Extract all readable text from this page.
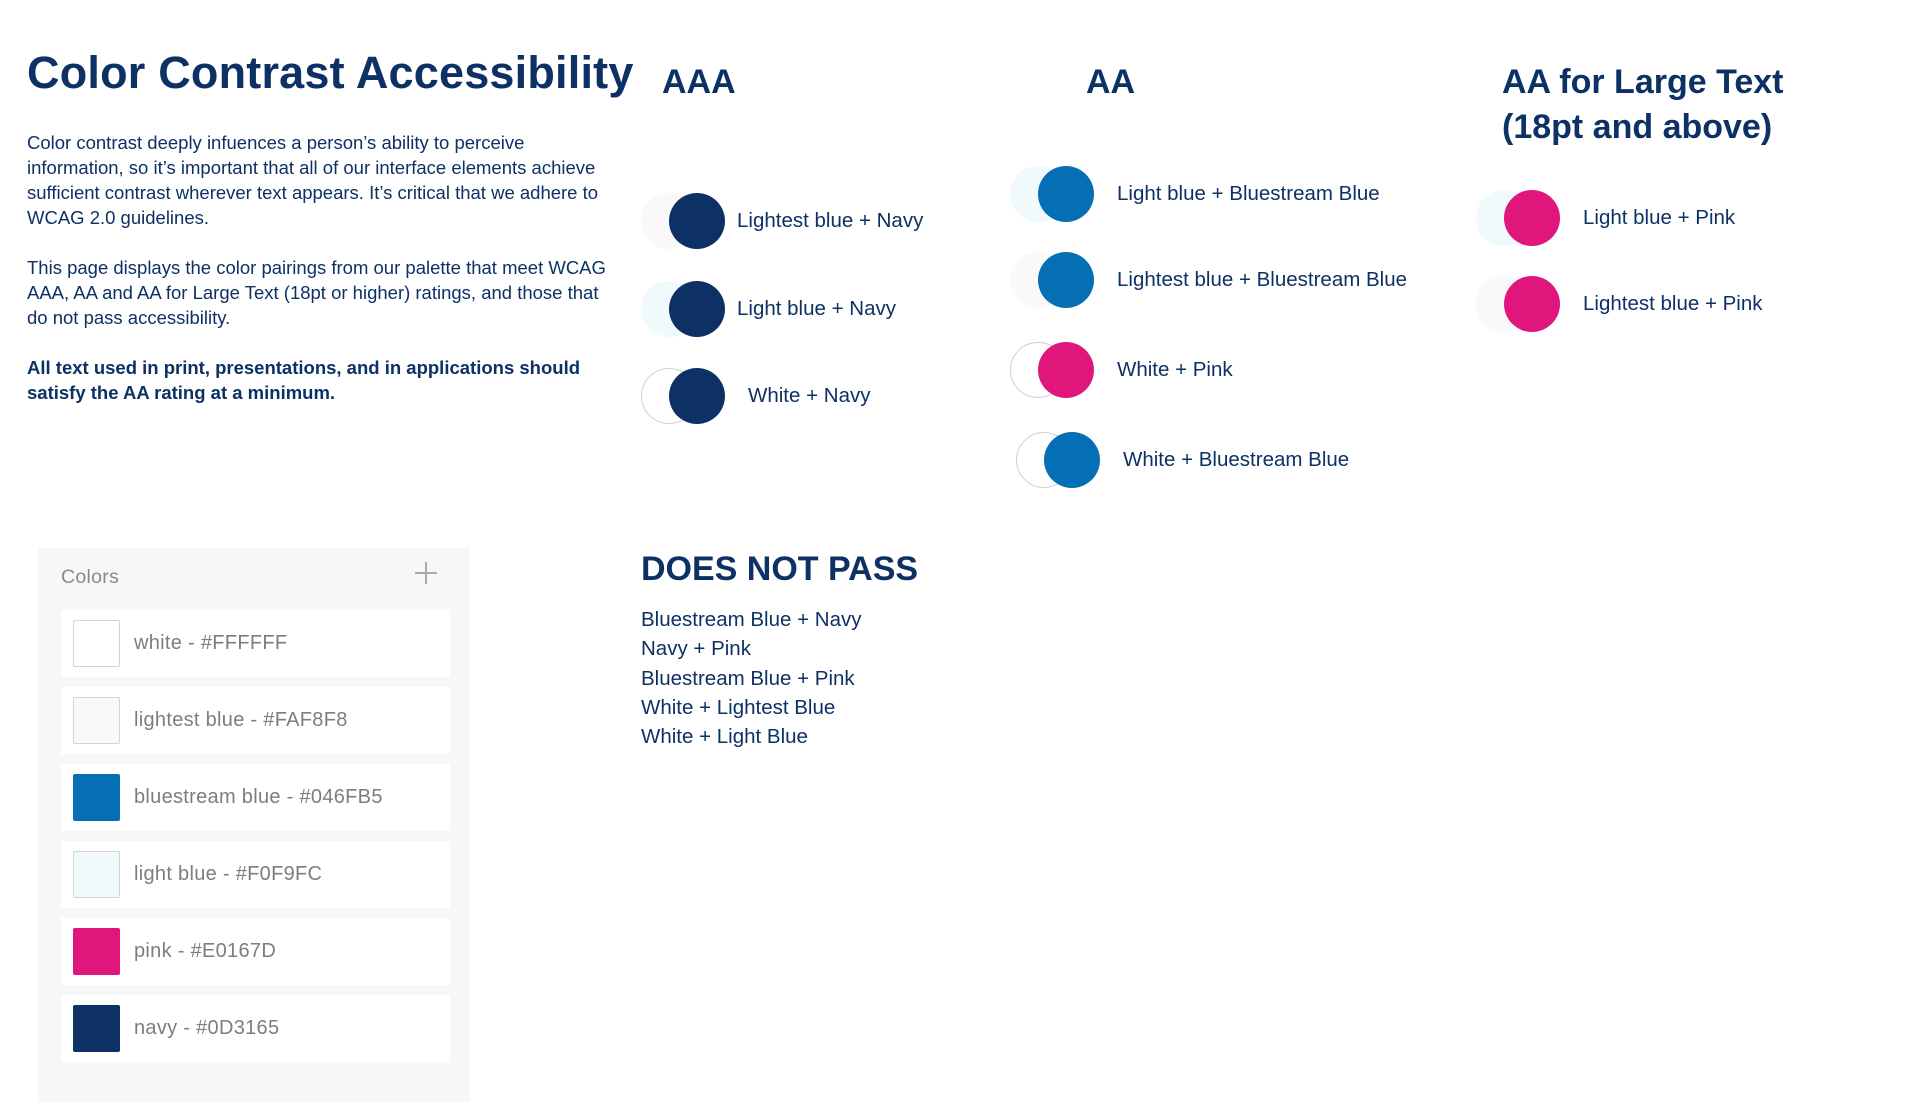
Color Contrast Accessibility

Color contrast deeply infuences a person’s ability to perceive information, so it’s important that all of our interface elements achieve sufficient contrast wherever text appears. It’s critical that we adhere to WCAG 2.0 guidelines.

This page displays the color pairings from our palette that meet WCAG AAA, AA and AA for Large Text (18pt or higher) ratings, and those that do not pass accessibility.

All text used in print, presentations, and in applications should satisfy the AA rating at a minimum.

AAA
Lightest blue + Navy
Light blue + Navy
White + Navy
AA
Light blue + Bluestream Blue
Lightest blue + Bluestream Blue
White + Pink
White + Bluestream Blue
AA for Large Text
(18pt and above)
Light blue + Pink
Lightest blue + Pink
DOES NOT PASS
Bluestream Blue + Navy
Navy + Pink
Bluestream Blue + Pink
White + Lightest Blue
White + Light Blue
Colors
white - #FFFFFF
lightest blue - #FAF8F8
bluestream blue - #046FB5
light blue - #F0F9FC
pink - #E0167D
navy - #0D3165
